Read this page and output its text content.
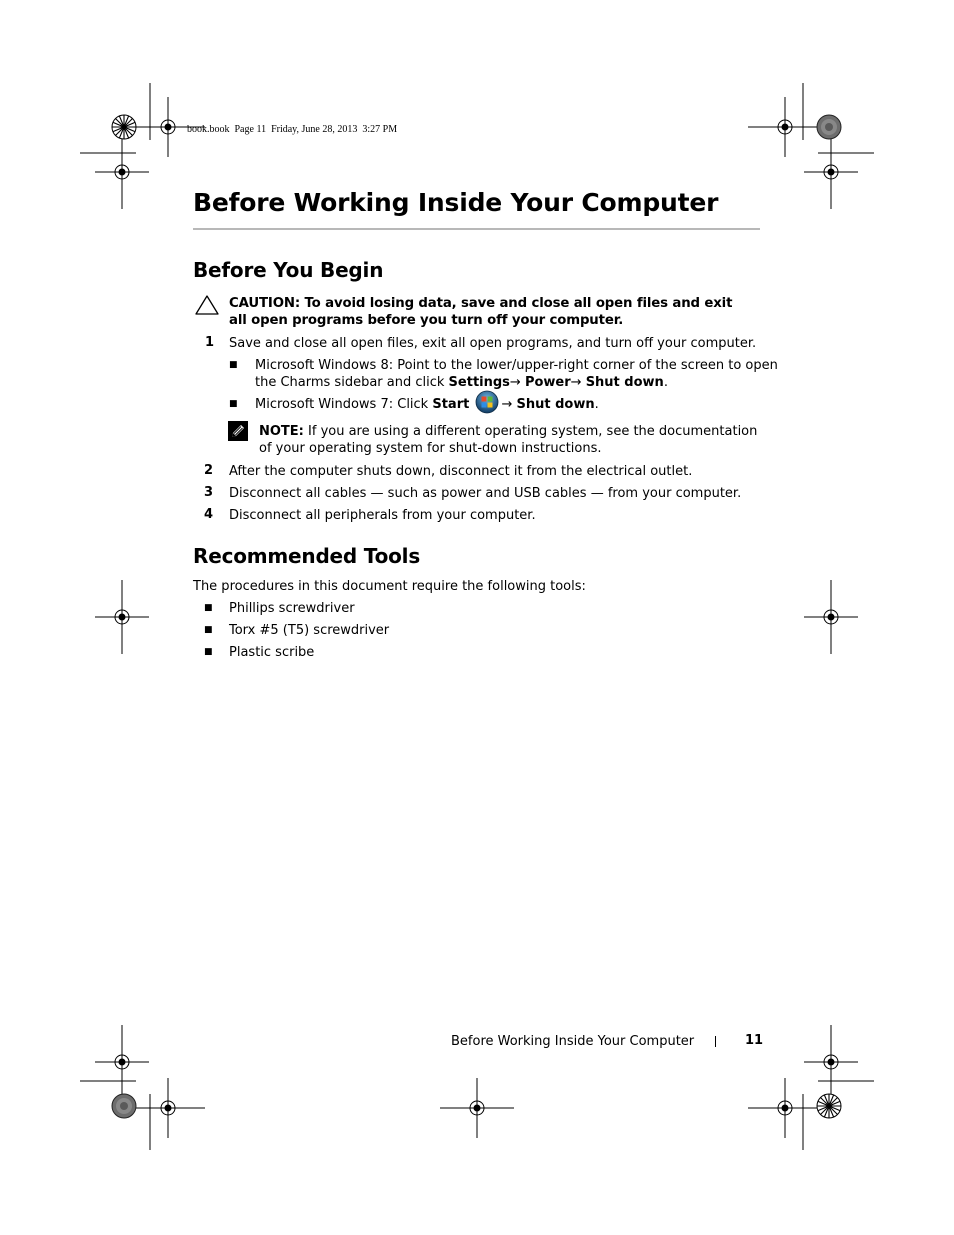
book.book  Page 11  Friday, June 28, 2013  3:27 PM
Before Working Inside Your Computer
Before You Begin
CAUTION: To avoid losing data, save and close all open files and exit
all open programs before you turn off your computer.
1 Save and close all open files, exit all open programs, and turn off your computer.
■ Microsoft Windows 8: Point to the lower/upper-right corner of the screen to open
the Charms sidebar and click Settings→ Power→ Shut down.
■ Microsoft Windows 7: Click Start → Shut down.
NOTE: If you are using a different operating system, see the documentation
of your operating system for shut-down instructions.
2 After the computer shuts down, disconnect it from the electrical outlet.
3 Disconnect all cables — such as power and USB cables — from your computer.
4 Disconnect all peripherals from your computer.
Recommended Tools
The procedures in this document require the following tools:
■ Phillips screwdriver
■ Torx #5 (T5) screwdriver
■ Plastic scribe
Before Working Inside Your Computer	11
